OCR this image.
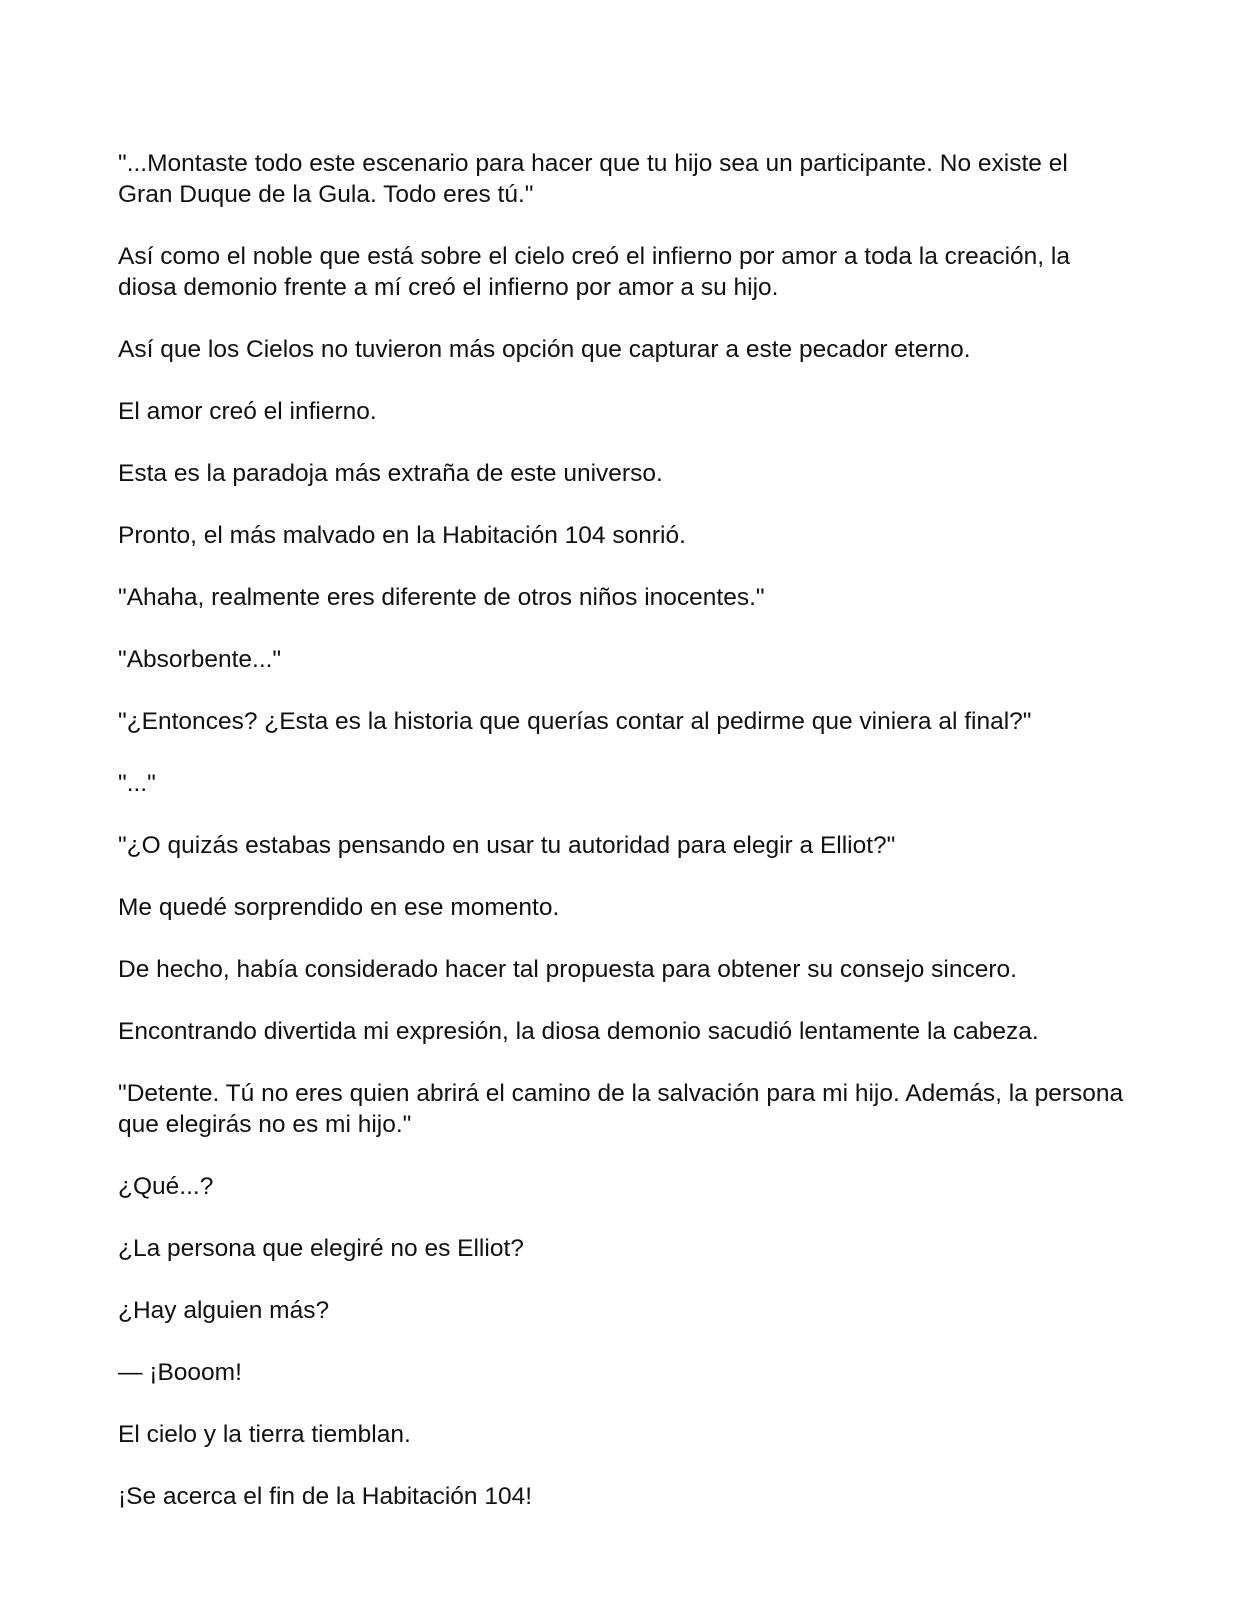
"...Montaste todo este escenario para hacer que tu hijo sea un participante. No existe el Gran Duque de la Gula. Todo eres tú."

Así como el noble que está sobre el cielo creó el infierno por amor a toda la creación, la diosa demonio frente a mí creó el infierno por amor a su hijo.

Así que los Cielos no tuvieron más opción que capturar a este pecador eterno.

El amor creó el infierno.

Esta es la paradoja más extraña de este universo.

Pronto, el más malvado en la Habitación 104 sonrió.

"Ahaha, realmente eres diferente de otros niños inocentes."

"Absorbente..."

"¿Entonces? ¿Esta es la historia que querías contar al pedirme que viniera al final?"

"..."

"¿O quizás estabas pensando en usar tu autoridad para elegir a Elliot?"

Me quedé sorprendido en ese momento.

De hecho, había considerado hacer tal propuesta para obtener su consejo sincero.

Encontrando divertida mi expresión, la diosa demonio sacudió lentamente la cabeza.

"Detente. Tú no eres quien abrirá el camino de la salvación para mi hijo. Además, la persona que elegirás no es mi hijo."

¿Qué...?

¿La persona que elegiré no es Elliot?

¿Hay alguien más?

— ¡Booom!

El cielo y la tierra tiemblan.

¡Se acerca el fin de la Habitación 104!
